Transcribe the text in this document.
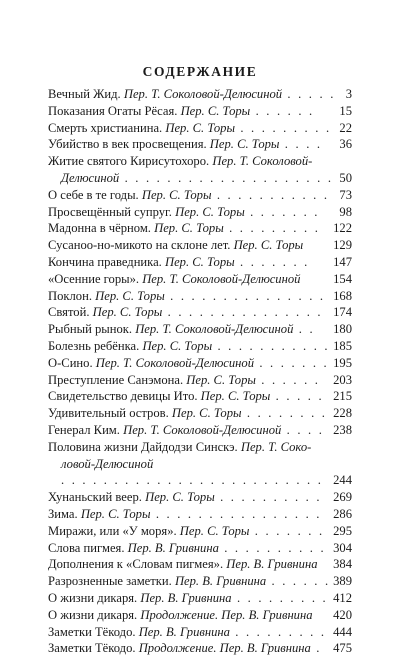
СОДЕРЖАНИЕ
Вечный Жид. Пер. Т. Соколовой-Делюсиной . . . . . 3
Показания Огаты Рёсая. Пер. С. Торы . . . . . . 15
Смерть христианина. Пер. С. Торы . . . . . . . . . 22
Убийство в век просвещения. Пер. С. Торы . . . . 36
Житие святого Кирисутохоро. Пер. Т. Соколовой-
Делюсиной . . . . . . . . . . . . . . . . . . . . 50
О себе в те годы. Пер. С. Торы . . . . . . . . . . . 73
Просвещённый супруг. Пер. С. Торы . . . . . . . 98
Мадонна в чёрном. Пер. С. Торы . . . . . . . . . 122
Сусаноо-но-микото на склоне лет. Пер. С. Торы 129
Кончина праведника. Пер. С. Торы . . . . . . . 147
«Осенние горы». Пер. Т. Соколовой-Делюсиной	154
Поклон. Пер. С. Торы . . . . . . . . . . . . . . . 168
Святой. Пер. С. Торы . . . . . . . . . . . . . . . 174
Рыбный рынок. Пер. Т. Соколовой-Делюсиной . . 180
Болезнь ребёнка. Пер. С. Торы . . . . . . . . . . . 185
О-Сино. Пер. Т. Соколовой-Делюсиной . . . . . . . 195
Преступление Санэмона. Пер. С. Торы . . . . . . 203
Свидетельство девицы Ито. Пер. С. Торы . . . . . 215
Удивительный остров. Пер. С. Торы . . . . . . . . 228
Генерал Ким. Пер. Т. Соколовой-Делюсиной . . . . 238
Половина жизни Дайдодзи Синскэ. Пер. Т. Соко-
ловой-Делюсиной
. . . . . . . . . . . . . . . . . . . . . . . . . 244
Хунаньский веер. Пер. С. Торы . . . . . . . . . . 269
Зима. Пер. С. Торы . . . . . . . . . . . . . . . . 286
Миражи, или «У моря». Пер. С. Торы . . . . . . . 295
Слова пигмея. Пер. В. Гривнина . . . . . . . . . . 304
Дополнения к «Словам пигмея». Пер. В. Гривнина 384
Разрозненные заметки. Пер. В. Гривнина . . . . . . 389
О жизни дикаря. Пер. В. Гривнина . . . . . . . . . 412
О жизни дикаря. Продолжение. Пер. В. Гривнина 420
Заметки Тёкодо. Пер. В. Гривнина . . . . . . . . . 444
Заметки Тёкодо. Продолжение. Пер. В. Гривнина . 475
